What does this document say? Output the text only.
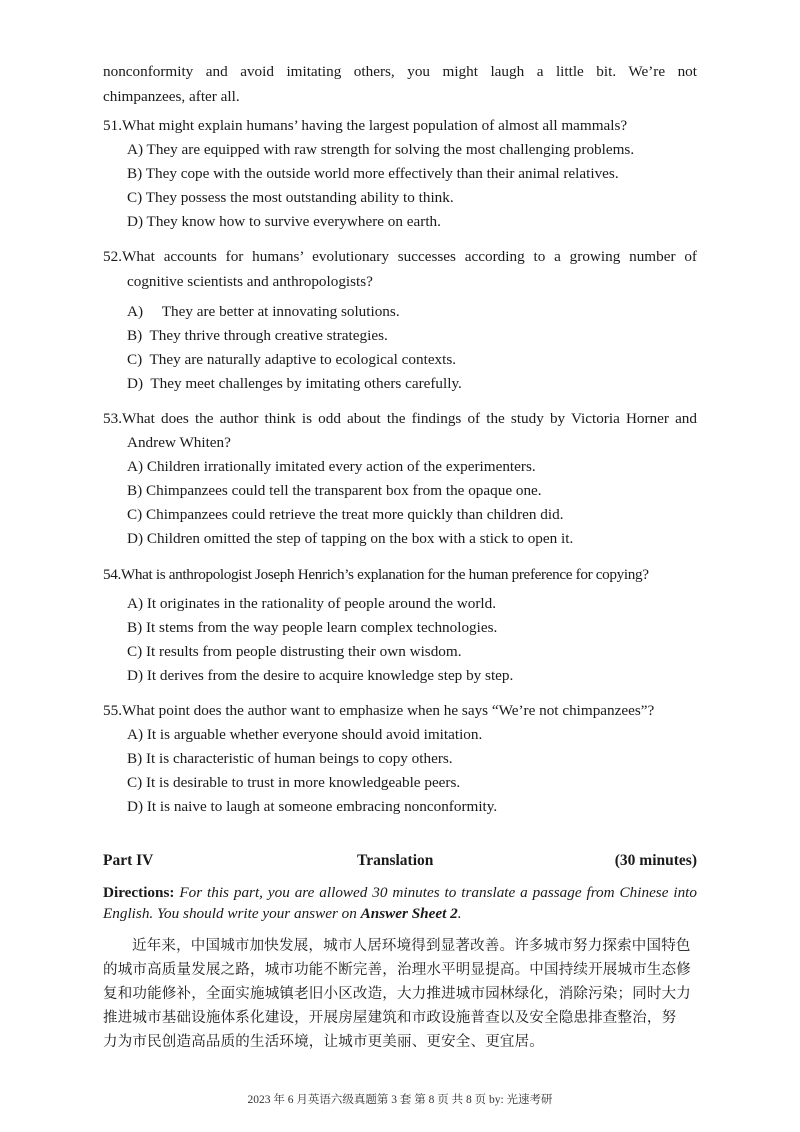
nonconformity and avoid imitating others, you might laugh a little bit. We’re not
chimpanzees, after all.
51.What might explain humans’ having the largest population of almost all mammals?
A) They are equipped with raw strength for solving the most challenging problems.
B) They cope with the outside world more effectively than their animal relatives.
C) They possess the most outstanding ability to think.
D) They know how to survive everywhere on earth.
52.What accounts for humans’ evolutionary successes according to a growing number of
cognitive scientists and anthropologists?
A)     They are better at innovating solutions.
B)  They thrive through creative strategies.
C)  They are naturally adaptive to ecological contexts.
D)  They meet challenges by imitating others carefully.
53.What does the author think is odd about the findings of the study by Victoria Horner and
Andrew Whiten?
A) Children irrationally imitated every action of the experimenters.
B) Chimpanzees could tell the transparent box from the opaque one.
C) Chimpanzees could retrieve the treat more quickly than children did.
D) Children omitted the step of tapping on the box with a stick to open it.
54.What is anthropologist Joseph Henrich’s explanation for the human preference for copying?
A) It originates in the rationality of people around the world.
B) It stems from the way people learn complex technologies.
C) It results from people distrusting their own wisdom.
D) It derives from the desire to acquire knowledge step by step.
55.What point does the author want to emphasize when he says “We’re not chimpanzees”?
A) It is arguable whether everyone should avoid imitation.
B) It is characteristic of human beings to copy others.
C) It is desirable to trust in more knowledgeable peers.
D) It is naive to laugh at someone embracing nonconformity.
Part IV	Translation	(30 minutes)
Directions: For this part, you are allowed 30 minutes to translate a passage from Chinese into
English. You should write your answer on Answer Sheet 2.
近年来，中国城市加快发展，城市人居环境得到显著改善。许多城市努力探索中国特色
的城市高质量发展之路，城市功能不断完善，治理水平明显提高。中国持续开展城市生态修
复和功能修补，全面实施城镇老旧小区改造，大力推进城市园林绿化，消除污染；同时大力
推进城市基础设施体系化建设，开展房屋建筑和市政设施普查以及安全隐患排查整治，努
力为市民创造高品质的生活环境，让城市更美丽、更安全、更宜居。
2023 年 6 月英语六级真题第 3 套 第 8 页 共 8 页 by: 光速考研
